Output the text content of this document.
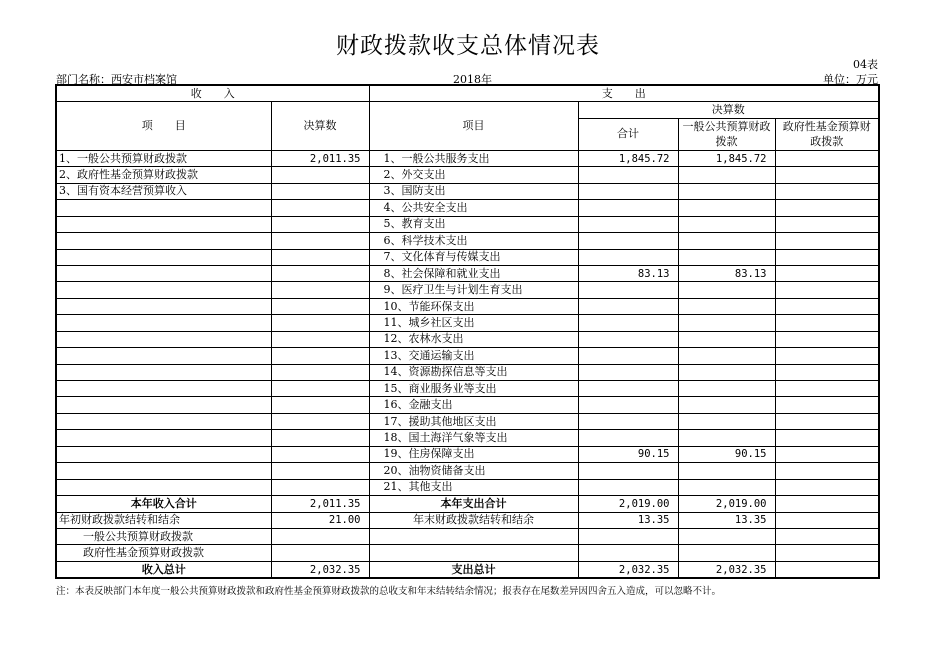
财政拨款收支总体情况表
04表
部门名称：西安市档案馆	2018年	单位：万元
收　　入		支　　出			
项　　目	决算数	项目	决算数		
			合计	一般公共预算财政拨款	政府性基金预算财政拨款
1、一般公共预算财政拨款	2,011.35	1、一般公共服务支出	1,845.72	1,845.72	
2、政府性基金预算财政拨款		2、外交支出			
3、国有资本经营预算收入		3、国防支出			
		4、公共安全支出			
		5、教育支出			
		6、科学技术支出			
		7、文化体育与传媒支出			
		8、社会保障和就业支出	83.13	83.13	
		9、医疗卫生与计划生育支出			
		10、节能环保支出			
		11、城乡社区支出			
		12、农林水支出			
		13、交通运输支出			
		14、资源勘探信息等支出			
		15、商业服务业等支出			
		16、金融支出			
		17、援助其他地区支出			
		18、国土海洋气象等支出			
		19、住房保障支出	90.15	90.15	
		20、油物资储备支出			
		21、其他支出			
本年收入合计	2,011.35	本年支出合计	2,019.00	2,019.00	
年初财政拨款结转和结余	21.00	年末财政拨款结转和结余	13.35	13.35	
一般公共预算财政拨款					
政府性基金预算财政拨款					
收入总计	2,032.35	支出总计	2,032.35	2,032.35	
注：本表反映部门本年度一般公共预算财政拨款和政府性基金预算财政拨款的总收支和年末结转结余情况；报表存在尾数差异因四舍五入造成，可以忽略不计。
